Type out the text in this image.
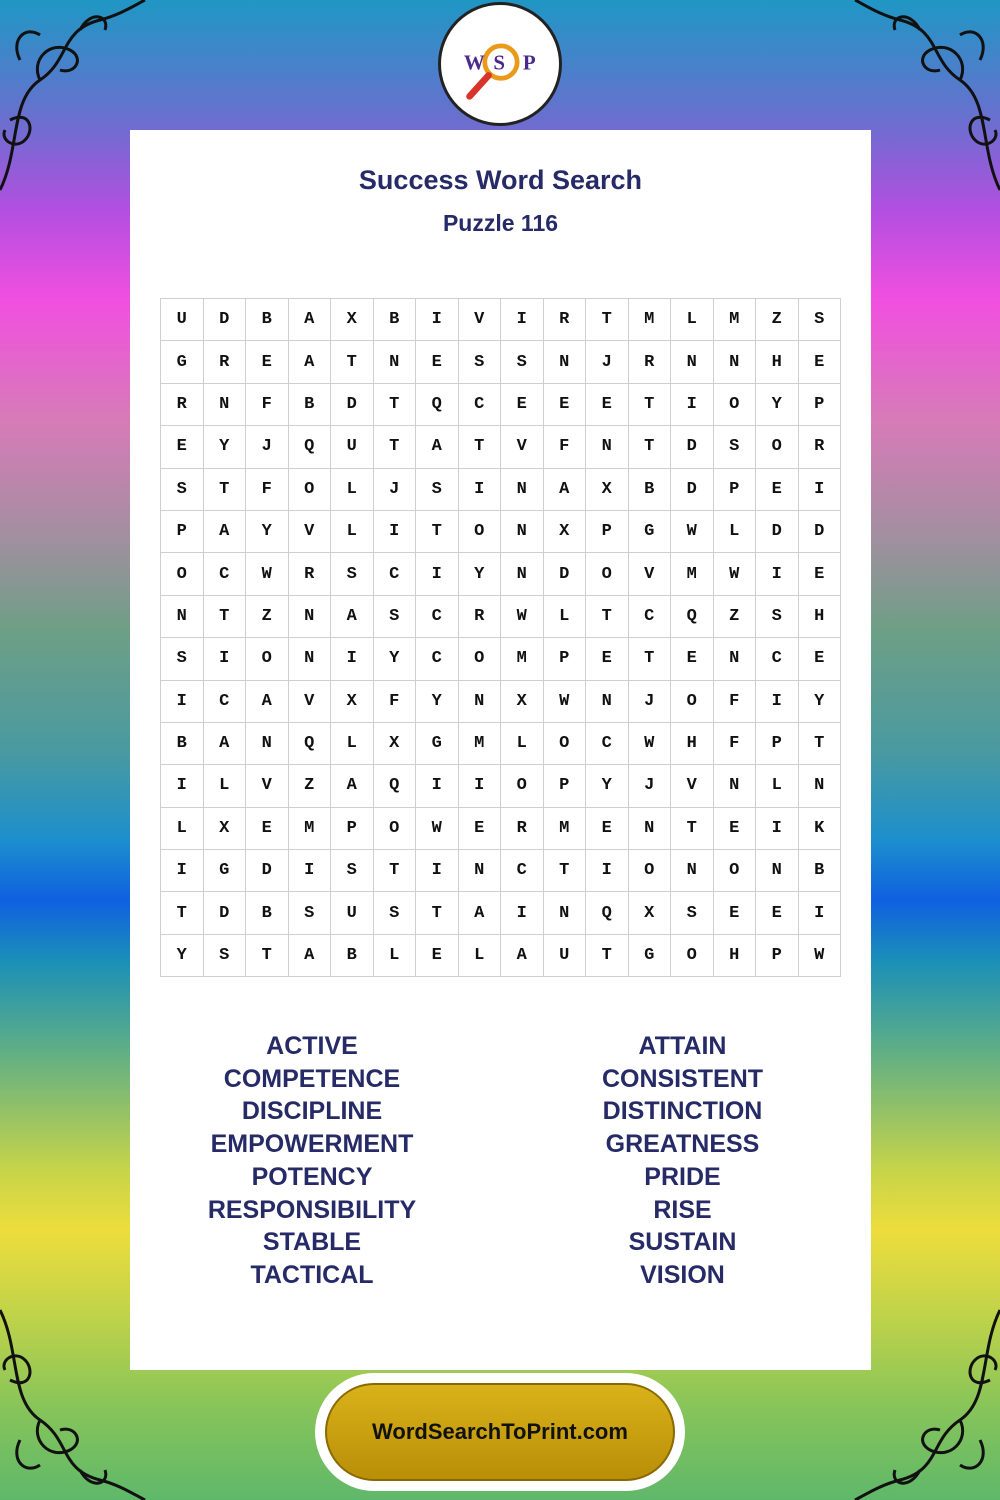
W S P
Success Word Search
Puzzle 116
U	D	B	A	X	B	I	V	I	R	T	M	L	M	Z	S
G	R	E	A	T	N	E	S	S	N	J	R	N	N	H	E
R	N	F	B	D	T	Q	C	E	E	E	T	I	O	Y	P
E	Y	J	Q	U	T	A	T	V	F	N	T	D	S	O	R
S	T	F	O	L	J	S	I	N	A	X	B	D	P	E	I
P	A	Y	V	L	I	T	O	N	X	P	G	W	L	D	D
O	C	W	R	S	C	I	Y	N	D	O	V	M	W	I	E
N	T	Z	N	A	S	C	R	W	L	T	C	Q	Z	S	H
S	I	O	N	I	Y	C	O	M	P	E	T	E	N	C	E
I	C	A	V	X	F	Y	N	X	W	N	J	O	F	I	Y
B	A	N	Q	L	X	G	M	L	O	C	W	H	F	P	T
I	L	V	Z	A	Q	I	I	O	P	Y	J	V	N	L	N
L	X	E	M	P	O	W	E	R	M	E	N	T	E	I	K
I	G	D	I	S	T	I	N	C	T	I	O	N	O	N	B
T	D	B	S	U	S	T	A	I	N	Q	X	S	E	E	I
Y	S	T	A	B	L	E	L	A	U	T	G	O	H	P	W
ACTIVE
COMPETENCE
DISCIPLINE
EMPOWERMENT
POTENCY
RESPONSIBILITY
STABLE
TACTICAL
ATTAIN
CONSISTENT
DISTINCTION
GREATNESS
PRIDE
RISE
SUSTAIN
VISION
WordSearchToPrint.com
